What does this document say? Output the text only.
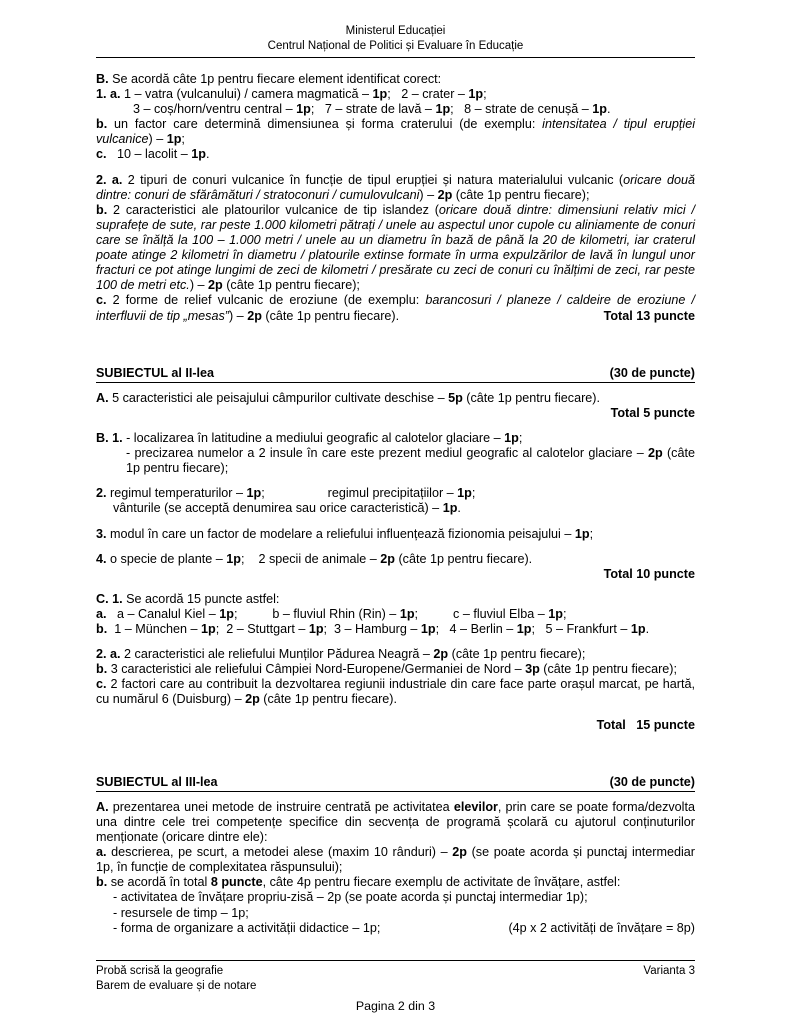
Ministerul Educației
Centrul Național de Politici și Evaluare în Educație
B. Se acordă câte 1p pentru fiecare element identificat corect:
1. a. 1 – vatra (vulcanului) / camera magmatică – 1p;   2 – crater – 1p;
3 – coș/horn/ventru central – 1p;   7 – strate de lavă – 1p;   8 – strate de cenușă – 1p.
b. un factor care determină dimensiunea și forma craterului (de exemplu: intensitatea / tipul erupției vulcanice) – 1p;
c.   10 – lacolit – 1p.
2. a. 2 tipuri de conuri vulcanice în funcție de tipul erupției și natura materialului vulcanic (oricare două dintre: conuri de sfărâmături / stratoconuri / cumulovulcani) – 2p (câte 1p pentru fiecare);
b. 2 caracteristici ale platourilor vulcanice de tip islandez (oricare două dintre: dimensiuni relativ mici / suprafețe de sute, rar peste 1.000 kilometri pătrați / unele au aspectul unor cupole cu aliniamente de conuri care se înălță la 100 – 1.000 metri / unele au un diametru în bază de până la 20 de kilometri, iar craterul poate atinge 2 kilometri în diametru / platourile extinse formate în urma expulzărilor de lavă în lungul unor fracturi ce pot atinge lungimi de zeci de kilometri / presărate cu zeci de conuri cu înălțimi de zeci, rar peste 100 de metri etc.) – 2p (câte 1p pentru fiecare);
c. 2 forme de relief vulcanic de eroziune (de exemplu: barancosuri / planeze / caldeire de eroziune / interfluvii de tip „mesas”) – 2p (câte 1p pentru fiecare).	Total 13 puncte
SUBIECTUL al II-lea	(30 de puncte)
A. 5 caracteristici ale peisajului câmpurilor cultivate deschise – 5p (câte 1p pentru fiecare).
Total 5 puncte
B. 1. - localizarea în latitudine a mediului geografic al calotelor glaciare – 1p;
- precizarea numelor a 2 insule în care este prezent mediul geografic al calotelor glaciare – 2p (câte 1p pentru fiecare);
2. regimul temperaturilor – 1p;                  regimul precipitațiilor – 1p;
vânturile (se acceptă denumirea sau orice caracteristică) – 1p.
3. modul în care un factor de modelare a reliefului influențează fizionomia peisajului – 1p;
4. o specie de plante – 1p;    2 specii de animale – 2p (câte 1p pentru fiecare).
Total 10 puncte
C. 1. Se acordă 15 puncte astfel:
a.   a – Canalul Kiel – 1p;          b – fluviul Rhin (Rin) – 1p;          c – fluviul Elba – 1p;
b.  1 – München – 1p;  2 – Stuttgart – 1p;  3 – Hamburg – 1p;   4 – Berlin – 1p;   5 – Frankfurt – 1p.
2. a. 2 caracteristici ale reliefului Munților Pădurea Neagră – 2p (câte 1p pentru fiecare);
b. 3 caracteristici ale reliefului Câmpiei Nord-Europene/Germaniei de Nord – 3p (câte 1p pentru fiecare);
c. 2 factori care au contribuit la dezvoltarea regiunii industriale din care face parte orașul marcat, pe hartă, cu numărul 6 (Duisburg) – 2p (câte 1p pentru fiecare).
Total   15 puncte
SUBIECTUL al III-lea	(30 de puncte)
A. prezentarea unei metode de instruire centrată pe activitatea elevilor, prin care se poate forma/dezvolta una dintre cele trei competențe specifice din secvența de programă școlară cu ajutorul conținuturilor menționate (oricare dintre ele):
a. descrierea, pe scurt, a metodei alese (maxim 10 rânduri) – 2p (se poate acorda și punctaj intermediar 1p, în funcție de complexitatea răspunsului);
b. se acordă în total 8 puncte, câte 4p pentru fiecare exemplu de activitate de învățare, astfel:
- activitatea de învățare propriu-zisă – 2p (se poate acorda și punctaj intermediar 1p);
- resursele de timp – 1p;
- forma de organizare a activității didactice – 1p;	(4p x 2 activități de învățare = 8p)
Probă scrisă la geografie	Varianta 3
Barem de evaluare și de notare
Pagina 2 din 3
